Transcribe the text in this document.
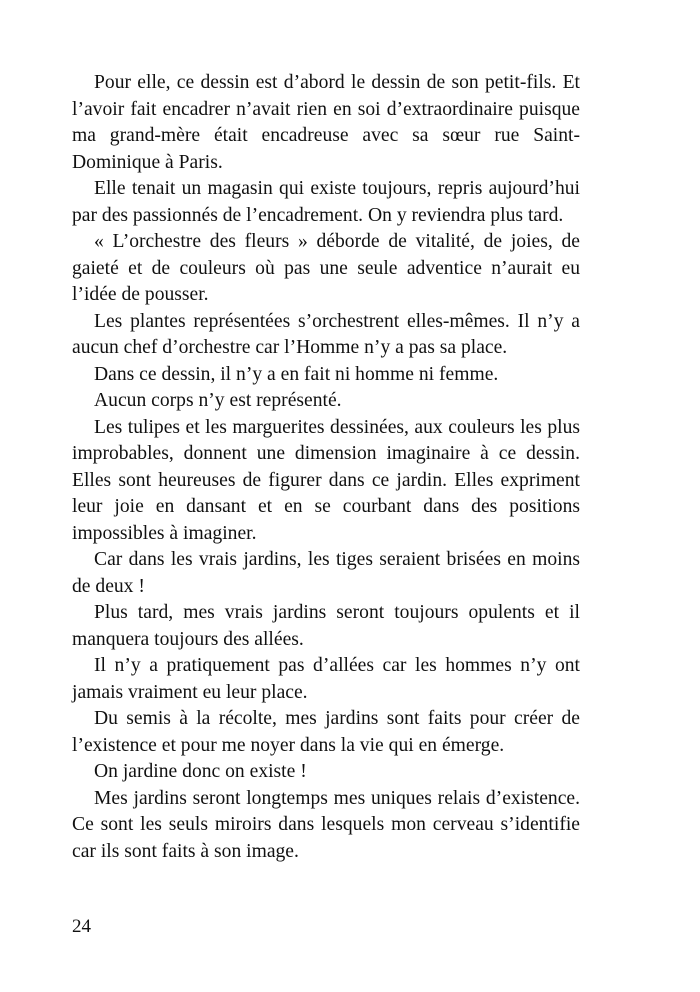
Pour elle, ce dessin est d’abord le dessin de son petit-fils. Et l’avoir fait encadrer n’avait rien en soi d’extraordinaire puisque ma grand-mère était encadreuse avec sa sœur rue Saint-Dominique à Paris.

Elle tenait un magasin qui existe toujours, repris aujourd’hui par des passionnés de l’encadrement. On y reviendra plus tard.

« L’orchestre des fleurs » déborde de vitalité, de joies, de gaieté et de couleurs où pas une seule adventice n’aurait eu l’idée de pousser.

Les plantes représentées s’orchestrent elles-mêmes. Il n’y a aucun chef d’orchestre car l’Homme n’y a pas sa place.

Dans ce dessin, il n’y a en fait ni homme ni femme.

Aucun corps n’y est représenté.

Les tulipes et les marguerites dessinées, aux couleurs les plus improbables, donnent une dimension imaginaire à ce dessin. Elles sont heureuses de figurer dans ce jardin. Elles expriment leur joie en dansant et en se courbant dans des positions impossibles à imaginer.

Car dans les vrais jardins, les tiges seraient brisées en moins de deux !

Plus tard, mes vrais jardins seront toujours opulents et il manquera toujours des allées.

Il n’y a pratiquement pas d’allées car les hommes n’y ont jamais vraiment eu leur place.

Du semis à la récolte, mes jardins sont faits pour créer de l’existence et pour me noyer dans la vie qui en émerge.

On jardine donc on existe !

Mes jardins seront longtemps mes uniques relais d’existence. Ce sont les seuls miroirs dans lesquels mon cerveau s’identifie car ils sont faits à son image.

24
